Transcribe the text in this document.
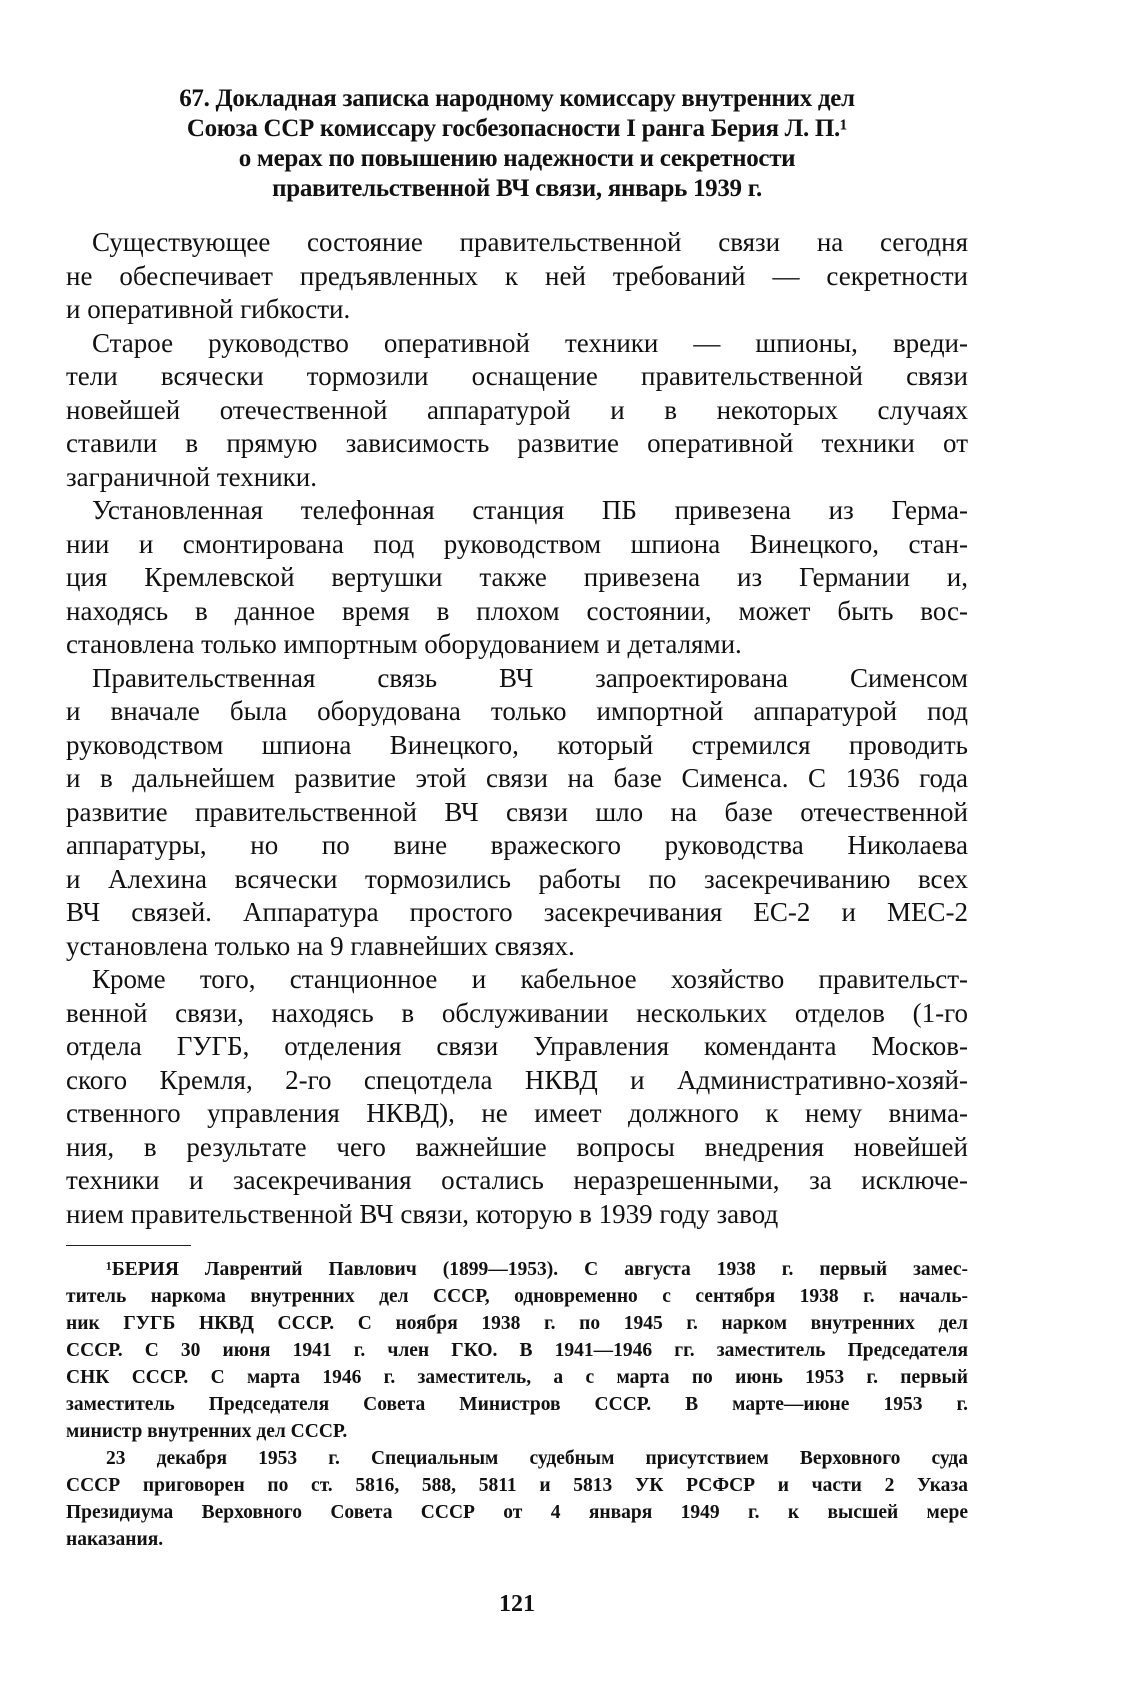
67. Докладная записка народному комиссару внутренних дел
Союза ССР комиссару госбезопасности I ранга Берия Л. П.¹
о мерах по повышению надежности и секретности
правительственной ВЧ связи, январь 1939 г.
Существующее состояние правительственной связи на сегодня
не обеспечивает предъявленных к ней требований — секретности
и оперативной гибкости.
Старое руководство оперативной техники — шпионы, вреди-
тели всячески тормозили оснащение правительственной связи
новейшей отечественной аппаратурой и в некоторых случаях
ставили в прямую зависимость развитие оперативной техники от
заграничной техники.
Установленная телефонная станция ПБ привезена из Герма-
нии и смонтирована под руководством шпиона Винецкого, стан-
ция Кремлевской вертушки также привезена из Германии и,
находясь в данное время в плохом состоянии, может быть вос-
становлена только импортным оборудованием и деталями.
Правительственная связь ВЧ запроектирована Сименсом
и вначале была оборудована только импортной аппаратурой под
руководством шпиона Винецкого, который стремился проводить
и в дальнейшем развитие этой связи на базе Сименса. С 1936 года
развитие правительственной ВЧ связи шло на базе отечественной
аппаратуры, но по вине вражеского руководства Николаева
и Алехина всячески тормозились работы по засекречиванию всех
ВЧ связей. Аппаратура простого засекречивания ЕС-2 и МЕС-2
установлена только на 9 главнейших связях.
Кроме того, станционное и кабельное хозяйство правительст-
венной связи, находясь в обслуживании нескольких отделов (1-го
отдела ГУГБ, отделения связи Управления коменданта Москов-
ского Кремля, 2-го спецотдела НКВД и Административно-хозяй-
ственного управления НКВД), не имеет должного к нему внима-
ния, в результате чего важнейшие вопросы внедрения новейшей
техники и засекречивания остались неразрешенными, за исключе-
нием правительственной ВЧ связи, которую в 1939 году завод
¹БЕРИЯ Лаврентий Павлович (1899—1953). С августа 1938 г. первый замес-
титель наркома внутренних дел СССР, одновременно с сентября 1938 г. началь-
ник ГУГБ НКВД СССР. С ноября 1938 г. по 1945 г. нарком внутренних дел
СССР. С 30 июня 1941 г. член ГКО. В 1941—1946 гг. заместитель Председателя
СНК СССР. С марта 1946 г. заместитель, а с марта по июнь 1953 г. первый
заместитель Председателя Совета Министров СССР. В марте—июне 1953 г.
министр внутренних дел СССР.
23 декабря 1953 г. Специальным судебным присутствием Верховного суда
СССР приговорен по ст. 5816, 588, 5811 и 5813 УК РСФСР и части 2 Указа
Президиума Верховного Совета СССР от 4 января 1949 г. к высшей мере
наказания.
121
